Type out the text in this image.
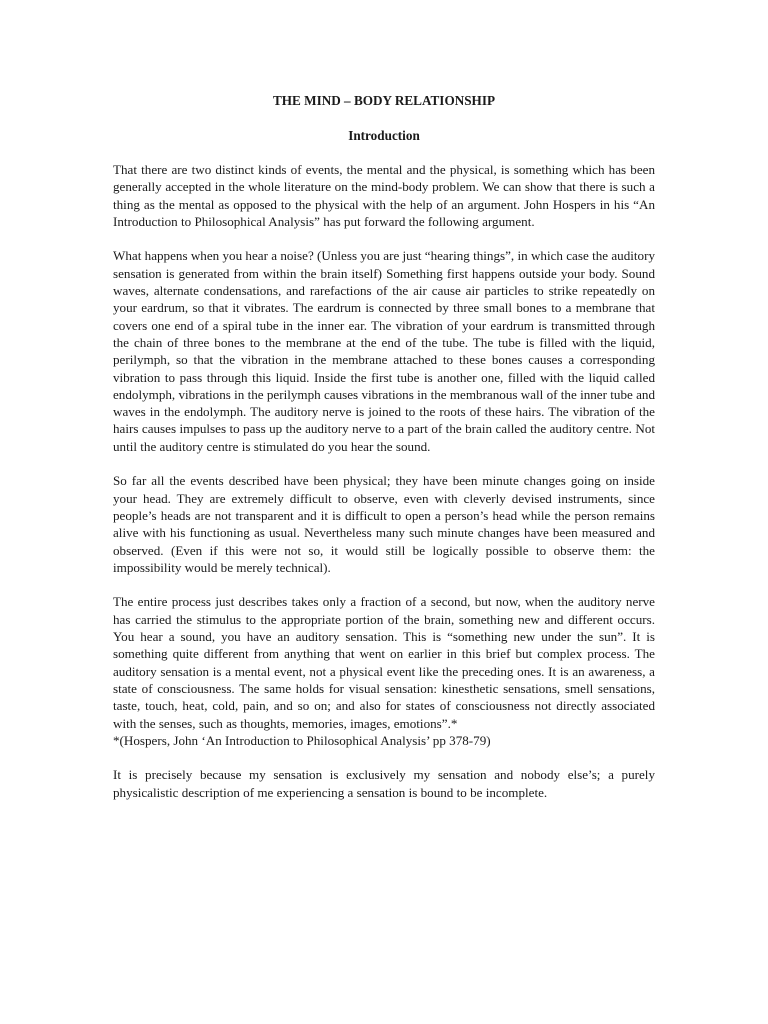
THE MIND – BODY RELATIONSHIP
Introduction

That there are two distinct kinds of events, the mental and the physical, is something which has been generally accepted in the whole literature on the mind-body problem. We can show that there is such a thing as the mental as opposed to the physical with the help of an argument. John Hospers in his “An Introduction to Philosophical Analysis” has put forward the following argument.

What happens when you hear a noise? (Unless you are just “hearing things”, in which case the auditory sensation is generated from within the brain itself) Something first happens outside your body. Sound waves, alternate condensations, and rarefactions of the air cause air particles to strike repeatedly on your eardrum, so that it vibrates. The eardrum is connected by three small bones to a membrane that covers one end of a spiral tube in the inner ear. The vibration of your eardrum is transmitted through the chain of three bones to the membrane at the end of the tube. The tube is filled with the liquid, perilymph, so that the vibration in the membrane attached to these bones causes a corresponding vibration to pass through this liquid. Inside the first tube is another one, filled with the liquid called endolymph, vibrations in the perilymph causes vibrations in the membranous wall of the inner tube and waves in the endolymph. The auditory nerve is joined to the roots of these hairs. The vibration of the hairs causes impulses to pass up the auditory nerve to a part of the brain called the auditory centre. Not until the auditory centre is stimulated do you hear the sound.

So far all the events described have been physical; they have been minute changes going on inside your head. They are extremely difficult to observe, even with cleverly devised instruments, since people’s heads are not transparent and it is difficult to open a person’s head while the person remains alive with his functioning as usual. Nevertheless many such minute changes have been measured and observed. (Even if this were not so, it would still be logically possible to observe them: the impossibility would be merely technical).

The entire process just describes takes only a fraction of a second, but now, when the auditory nerve has carried the stimulus to the appropriate portion of the brain, something new and different occurs. You hear a sound, you have an auditory sensation. This is “something new under the sun”. It is something quite different from anything that went on earlier in this brief but complex process. The auditory sensation is a mental event, not a physical event like the preceding ones. It is an awareness, a state of consciousness. The same holds for visual sensation: kinesthetic sensations, smell sensations, taste, touch, heat, cold, pain, and so on; and also for states of consciousness not directly associated with the senses, such as thoughts, memories, images, emotions”.*

*(Hospers, John ‘An Introduction to Philosophical Analysis’ pp 378-79)

It is precisely because my sensation is exclusively my sensation and nobody else’s; a purely physicalistic description of me experiencing a sensation is bound to be incomplete.
